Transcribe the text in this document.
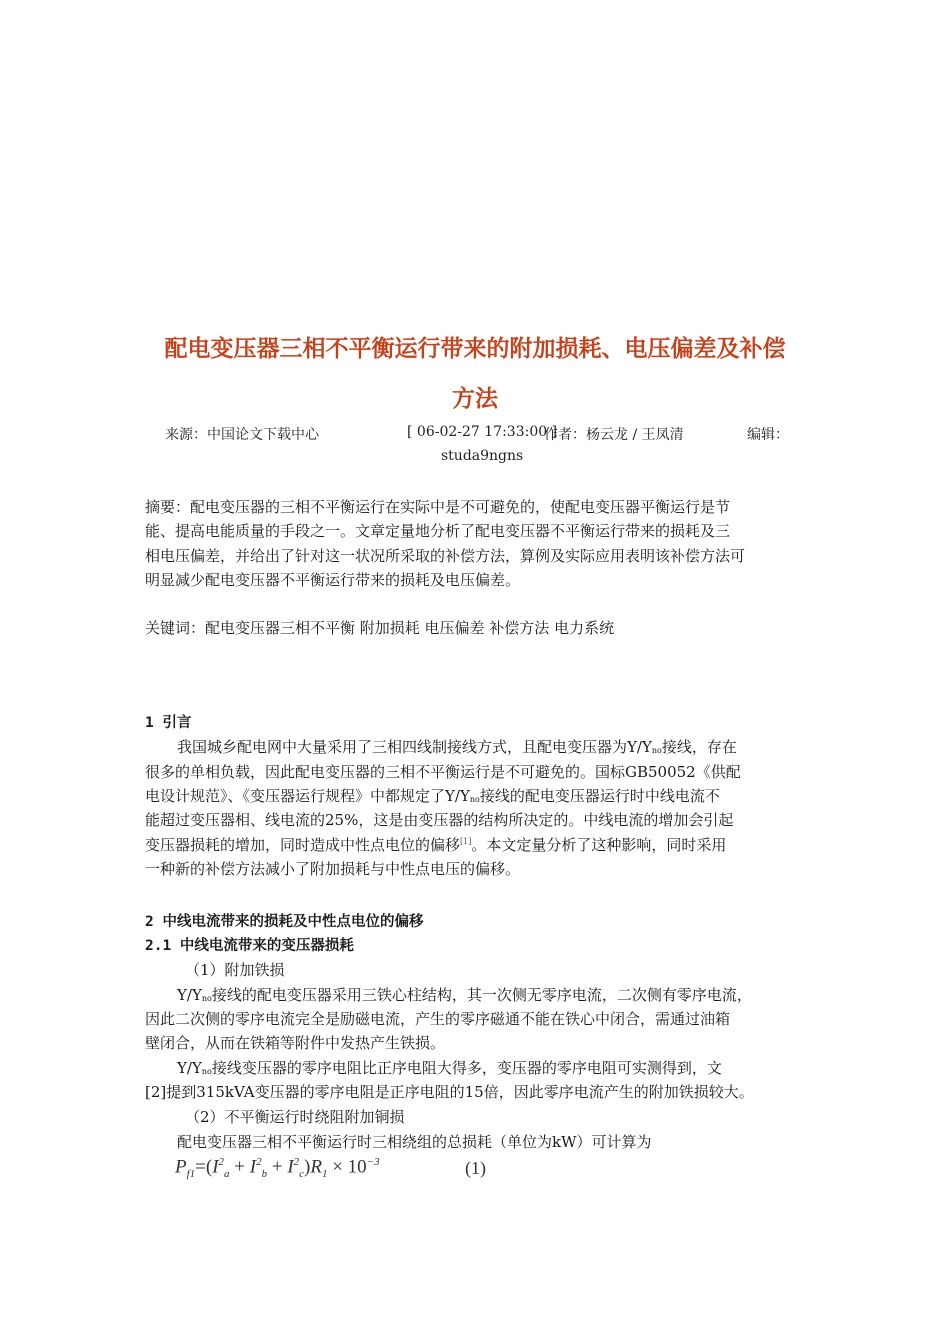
配电变压器三相不平衡运行带来的附加损耗、电压偏差及补偿
方法
来源：中国论文下载中心	[ 06-02-27 17:33:00 ]
作者：杨云龙 / 王凤清	编辑：
studa9ngns
摘要：配电变压器的三相不平衡运行在实际中是不可避免的，使配电变压器平衡运行是节
能、提高电能质量的手段之一。文章定量地分析了配电变压器不平衡运行带来的损耗及三
相电压偏差，并给出了针对这一状况所采取的补偿方法，算例及实际应用表明该补偿方法可
明显减少配电变压器不平衡运行带来的损耗及电压偏差。
关键词：配电变压器三相不平衡 附加损耗 电压偏差 补偿方法 电力系统
1 引言
我国城乡配电网中大量采用了三相四线制接线方式，且配电变压器为$Y/Y_{no}$接线，存在
很多的单相负载，因此配电变压器的三相不平衡运行是不可避免的。国标GB50052《供配
电设计规范》、《变压器运行规程》中都规定了$Y/Y_{no}$接线的配电变压器运行时中线电流不
能超过变压器相、线电流的25%，这是由变压器的结构所决定的。中线电流的增加会引起
变压器损耗的增加，同时造成中性点电位的偏移[1]。本文定量分析了这种影响，同时采用
一种新的补偿方法减小了附加损耗与中性点电压的偏移。
2 中线电流带来的损耗及中性点电位的偏移
2.1 中线电流带来的变压器损耗
（1）附加铁损
$Y/Y_{no}$接线的配电变压器采用三铁心柱结构，其一次侧无零序电流，二次侧有零序电流，
因此二次侧的零序电流完全是励磁电流，产生的零序磁通不能在铁心中闭合，需通过油箱
壁闭合，从而在铁箱等附件中发热产生铁损。
$Y/Y_{no}$接线变压器的零序电阻比正序电阻大得多，变压器的零序电阻可实测得到，文
[2]提到315kVA变压器的零序电阻是正序电阻的15倍，因此零序电流产生的附加铁损较大。
（2）不平衡运行时绕阻附加铜损
配电变压器三相不平衡运行时三相绕组的总损耗（单位为kW）可计算为
$P_{f1}=(I^2_a + I^2_b + I^2_c)R_1 \times 10^{-3}$	(1)
